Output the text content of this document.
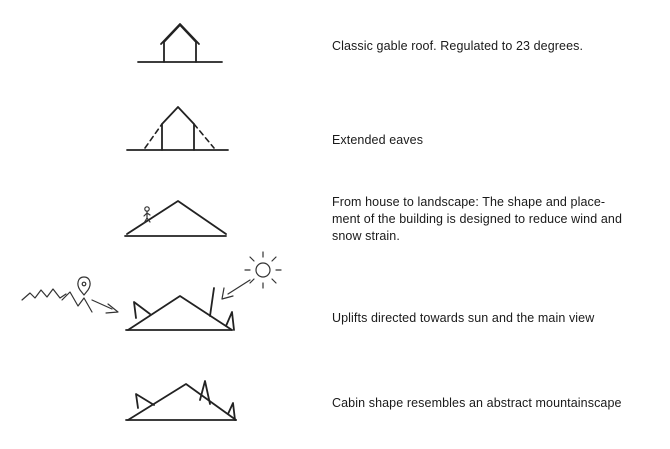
Classic gable roof. Regulated to 23 degrees.

Extended eaves

From house to landscape: The shape and place-ment of the building is designed to reduce wind and snow strain.

Uplifts directed towards sun and the main view

Cabin shape resembles an abstract mountainscape
